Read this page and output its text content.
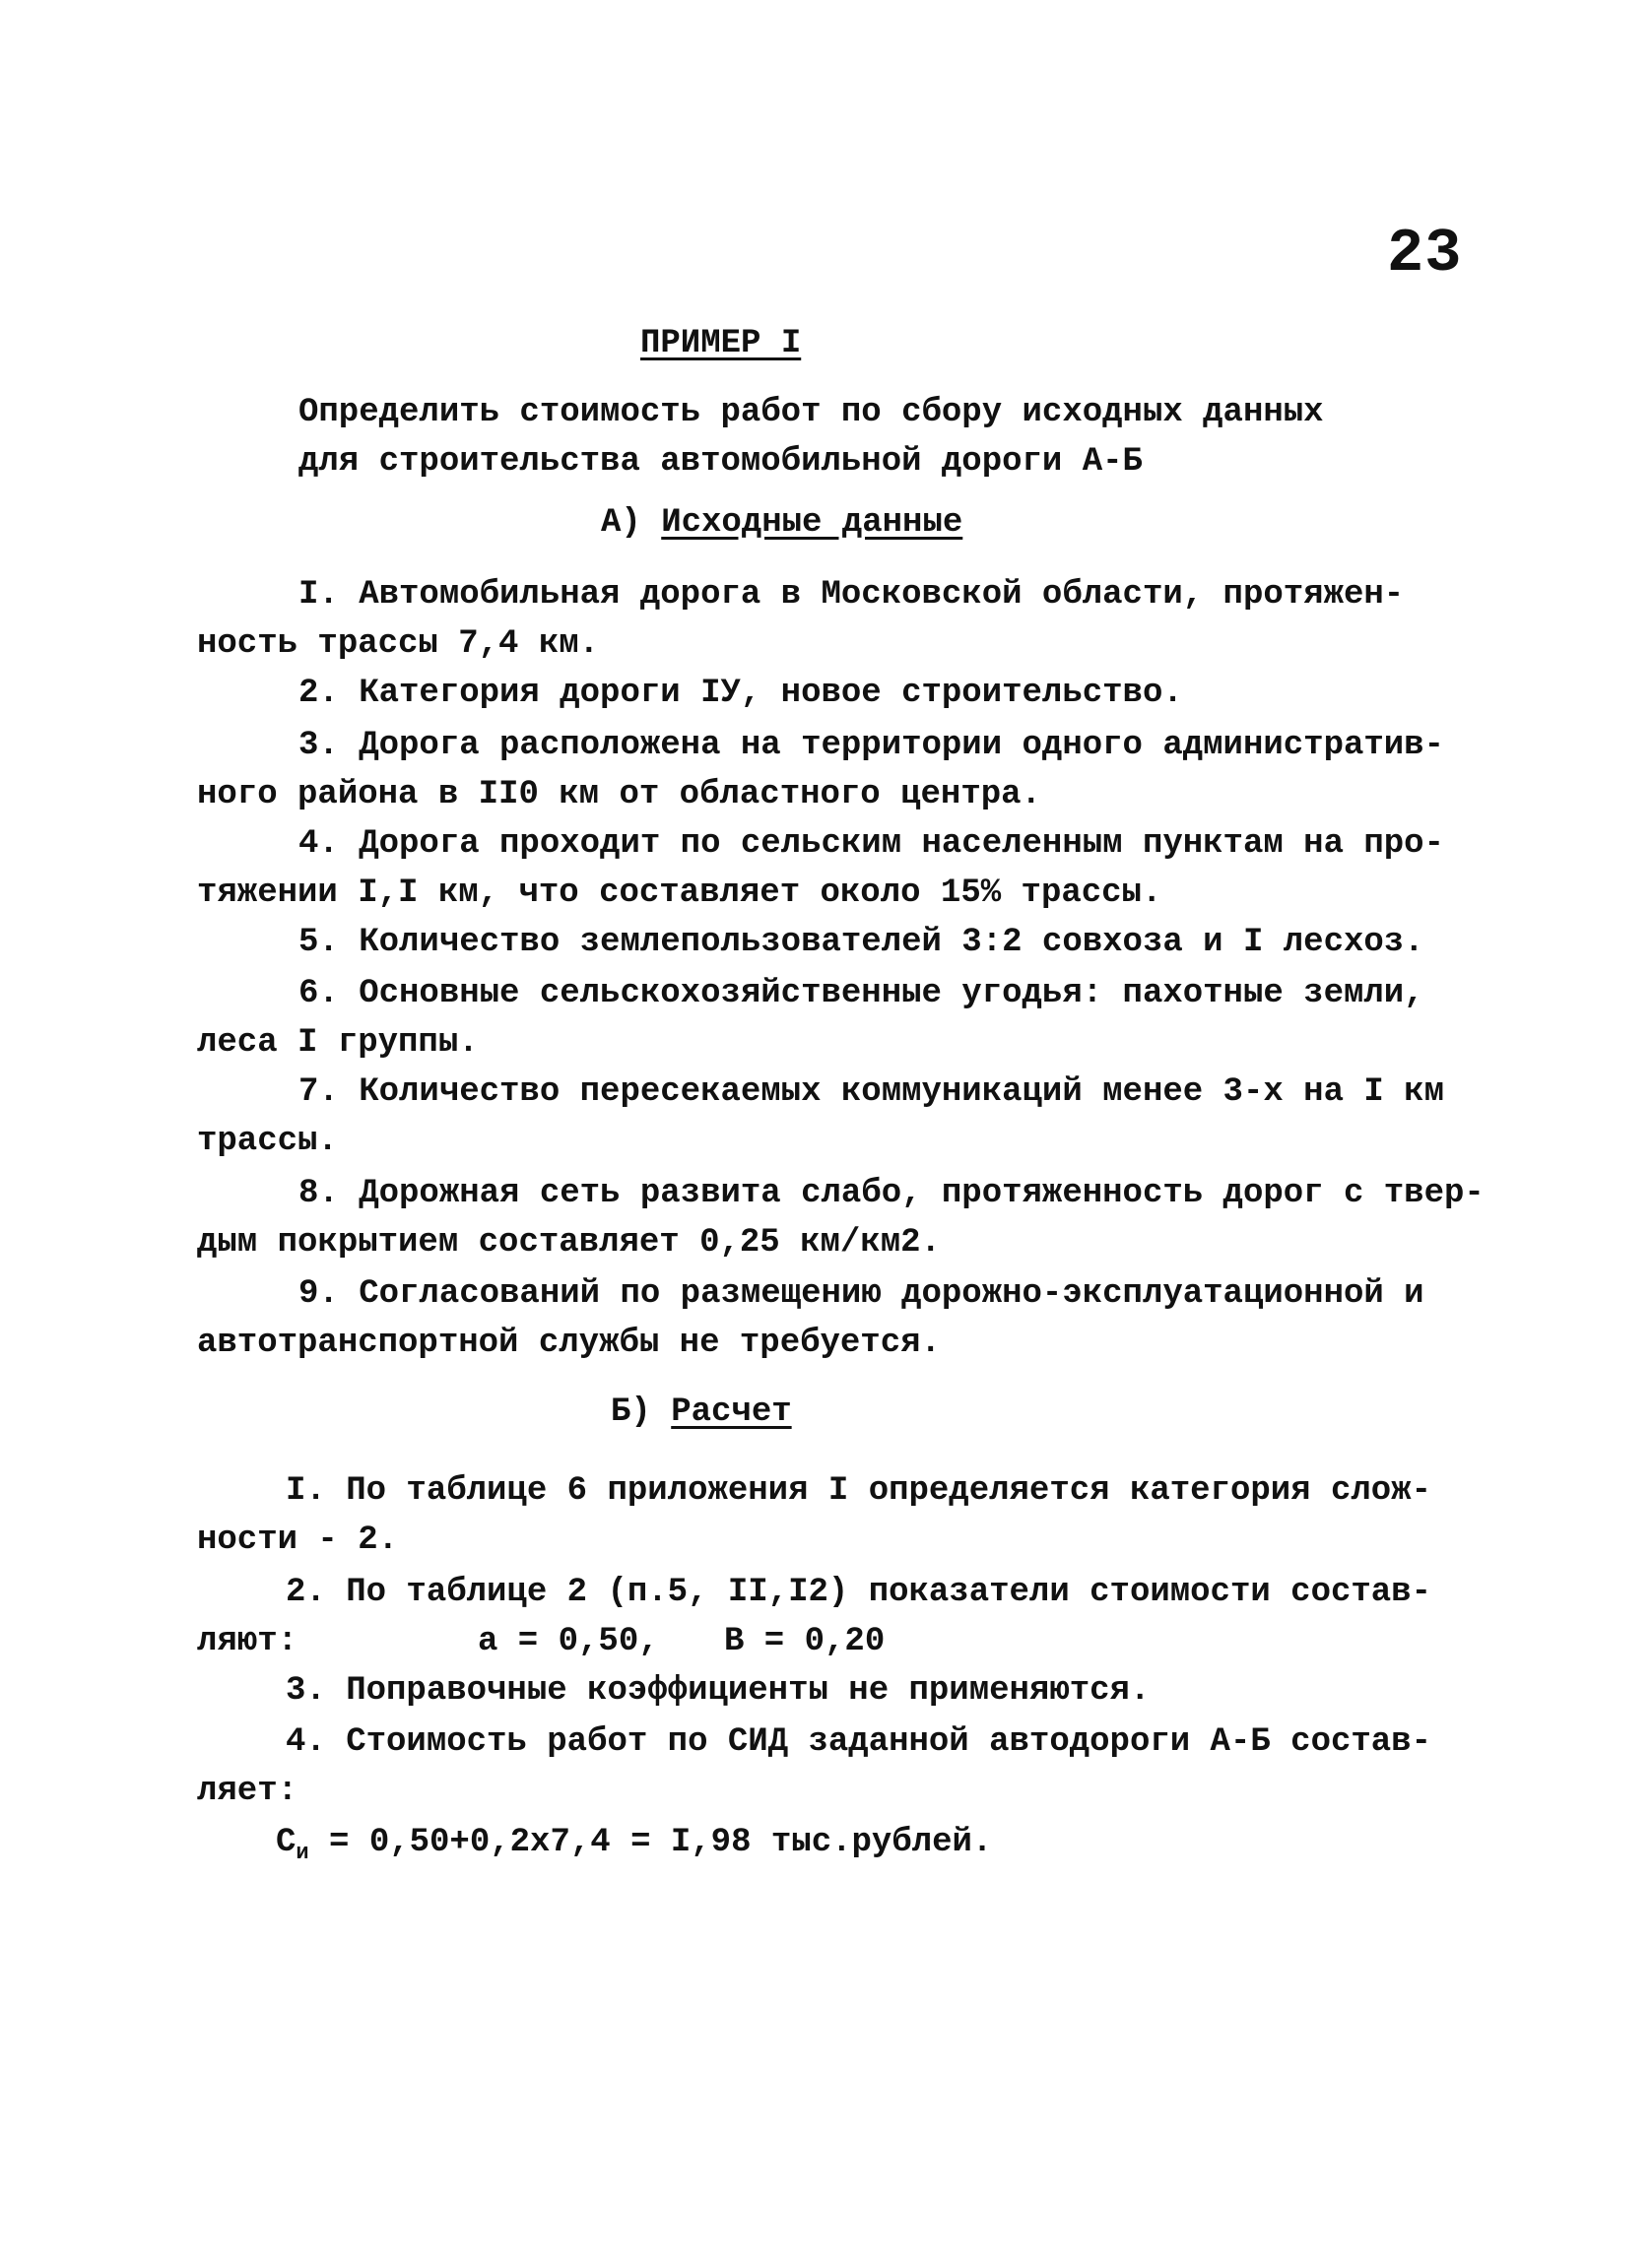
23
ПРИМЕР I
Определить стоимость работ по сбору исходных данных
для строительства автомобильной дороги А-Б
А) Исходные данные
I. Автомобильная дорога в Московской области, протяжен-
ность трассы 7,4 км.
2. Категория дороги IУ, новое строительство.
3. Дорога расположена на территории одного административ-
ного района в II0 км от областного центра.
4. Дорога проходит по сельским населенным пунктам на про-
тяжении I,I км, что составляет около 15% трассы.
5. Количество землепользователей 3:2 совхоза и I лесхоз.
6. Основные сельскохозяйственные угодья: пахотные земли,
леса I группы.
7. Количество пересекаемых коммуникаций менее 3-х на I км
трассы.
8. Дорожная сеть развита слабо, протяженность дорог с твер-
дым покрытием составляет 0,25 км/км2.
9. Согласований по размещению дорожно-эксплуатационной и
автотранспортной службы не требуется.
Б) Расчет
I. По таблице 6 приложения I определяется категория слож-
ности - 2.
2. По таблице 2 (п.5, II,I2) показатели стоимости состав-
ляют:	а = 0,50, В = 0,20
3. Поправочные коэффициенты не применяются.
4. Стоимость работ по СИД заданной автодороги А-Б состав-
ляет:
$С_и = 0,50+0,2х7,4 = I,98$ тыс.рублей.
